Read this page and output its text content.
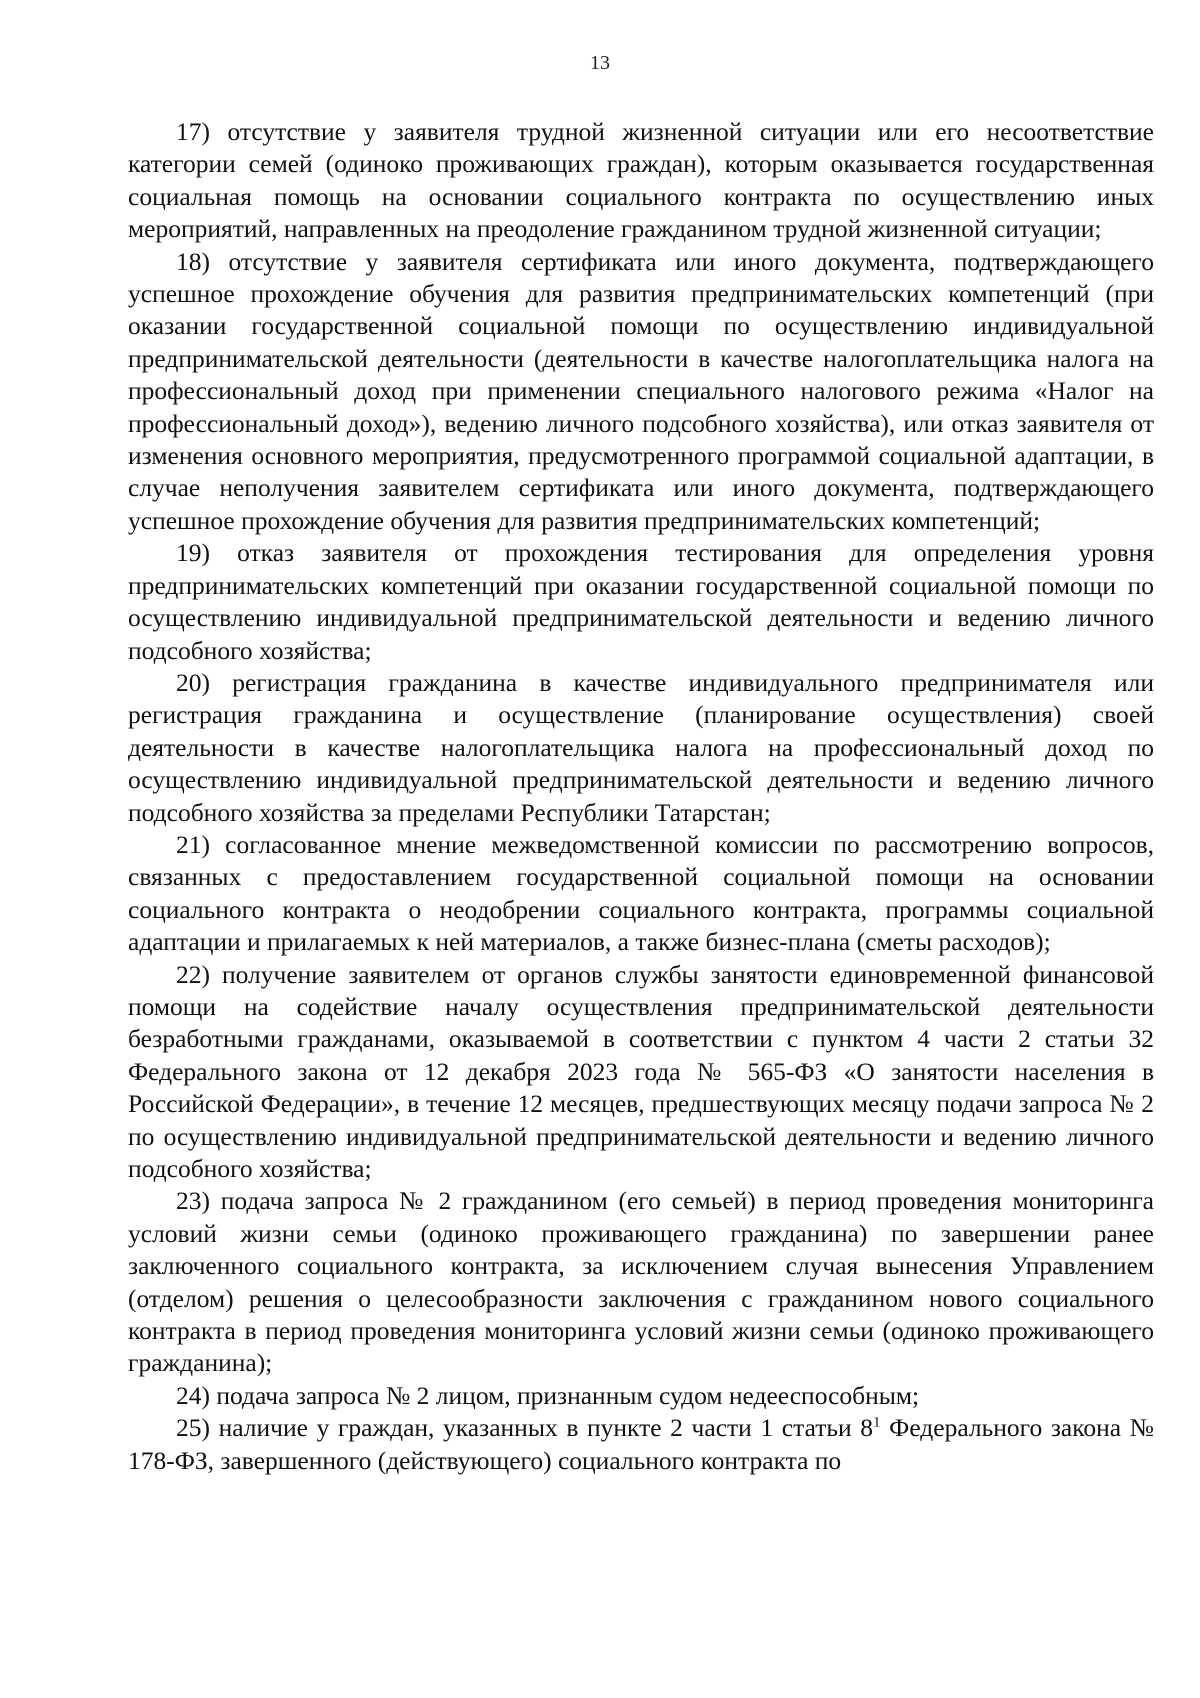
13

17) отсутствие у заявителя трудной жизненной ситуации или его несоответствие категории семей (одиноко проживающих граждан), которым оказывается государственная социальная помощь на основании социального контракта по осуществлению иных мероприятий, направленных на преодоление гражданином трудной жизненной ситуации;

18) отсутствие у заявителя сертификата или иного документа, подтверждающего успешное прохождение обучения для развития предпринимательских компетенций (при оказании государственной социальной помощи по осуществлению индивидуальной предпринимательской деятельности (деятельности в качестве налогоплательщика налога на профессиональный доход при применении специального налогового режима «Налог на профессиональный доход»), ведению личного подсобного хозяйства), или отказ заявителя от изменения основного мероприятия, предусмотренного программой социальной адаптации, в случае неполучения заявителем сертификата или иного документа, подтверждающего успешное прохождение обучения для развития предпринимательских компетенций;

19) отказ заявителя от прохождения тестирования для определения уровня предпринимательских компетенций при оказании государственной социальной помощи по осуществлению индивидуальной предпринимательской деятельности и ведению личного подсобного хозяйства;

20) регистрация гражданина в качестве индивидуального предпринимателя или регистрация гражданина и осуществление (планирование осуществления) своей деятельности в качестве налогоплательщика налога на профессиональный доход по осуществлению индивидуальной предпринимательской деятельности и ведению личного подсобного хозяйства за пределами Республики Татарстан;

21) согласованное мнение межведомственной комиссии по рассмотрению вопросов, связанных с предоставлением государственной социальной помощи на основании социального контракта о неодобрении социального контракта, программы социальной адаптации и прилагаемых к ней материалов, а также бизнес-плана (сметы расходов);

22) получение заявителем от органов службы занятости единовременной финансовой помощи на содействие началу осуществления предпринимательской деятельности безработными гражданами, оказываемой в соответствии с пунктом 4 части 2 статьи 32 Федерального закона от 12 декабря 2023 года № 565-ФЗ «О занятости населения в Российской Федерации», в течение 12 месяцев, предшествующих месяцу подачи запроса № 2 по осуществлению индивидуальной предпринимательской деятельности и ведению личного подсобного хозяйства;

23) подача запроса № 2 гражданином (его семьей) в период проведения мониторинга условий жизни семьи (одиноко проживающего гражданина) по завершении ранее заключенного социального контракта, за исключением случая вынесения Управлением (отделом) решения о целесообразности заключения с гражданином нового социального контракта в период проведения мониторинга условий жизни семьи (одиноко проживающего гражданина);

24) подача запроса № 2 лицом, признанным судом недееспособным;

25) наличие у граждан, указанных в пункте 2 части 1 статьи $8^1$ Федерального закона № 178-ФЗ, завершенного (действующего) социального контракта по
